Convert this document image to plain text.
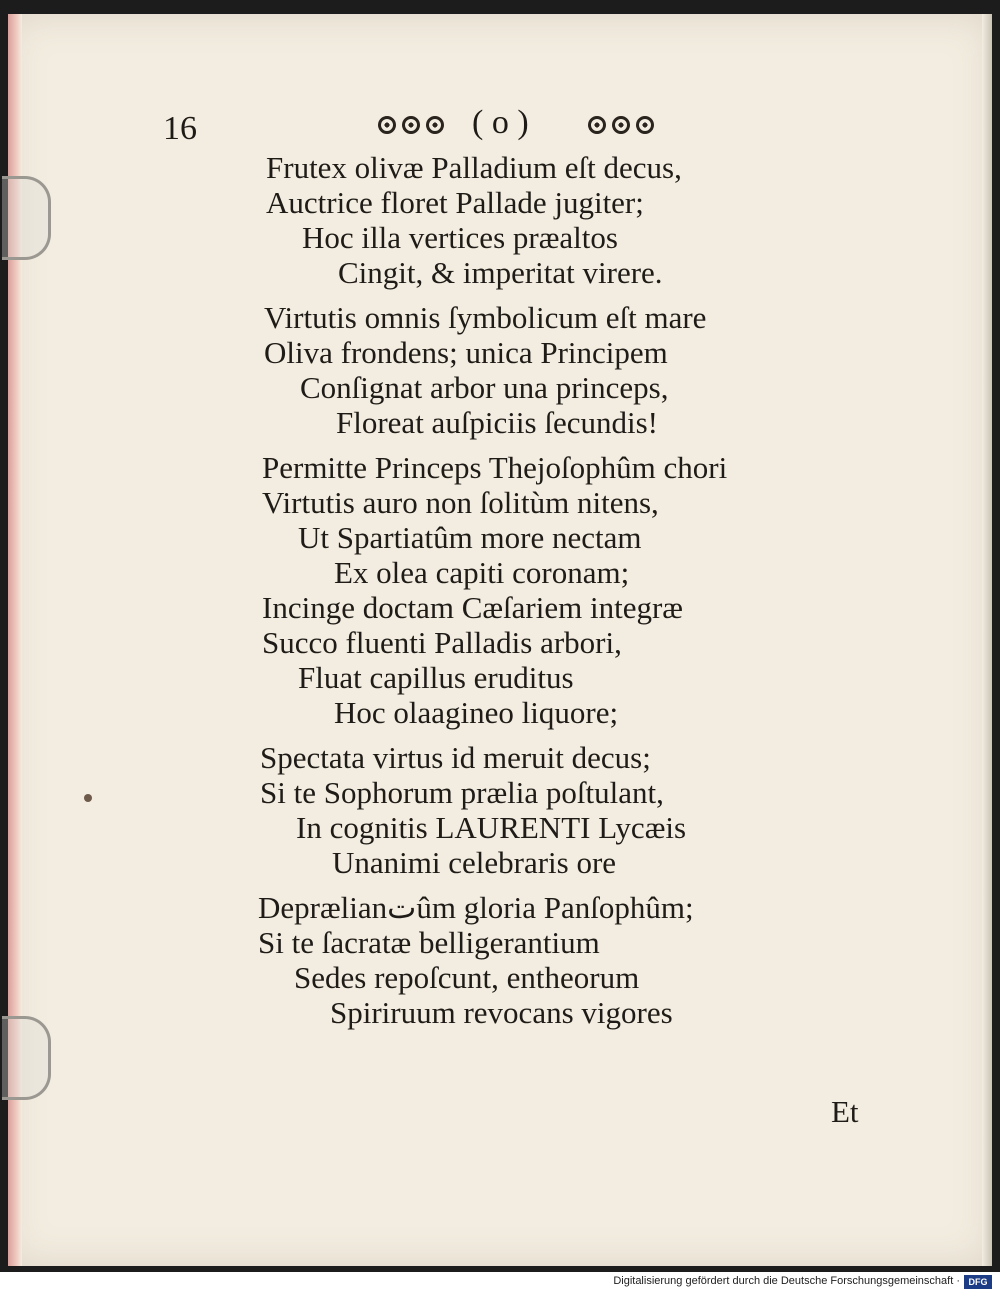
16	( o )
Frutex olivæ Palladium eſt decus,
Auctrice floret Pallade jugiter;
Hoc illa vertices præaltos
Cingit, & imperitat virere.
Virtutis omnis ſymbolicum eſt mare
Oliva frondens; unica Principem
Conſignat arbor una princeps,
Floreat auſpiciis ſecundis!
Permitte Princeps Thejoſophûm chori
Virtutis auro non ſolitùm nitens,
Ut Spartiatûm more nectam
Ex olea capiti coronam;
Incinge doctam Cæſariem integræ
Succo fluenti Palladis arbori,
Fluat capillus eruditus
Hoc olaagineo liquore;
Spectata virtus id meruit decus;
Si te Sophorum prælia poſtulant,
In cognitis LAURENTI Lycæis
Unanimi celebraris ore
Deprælianتûm gloria Panſophûm;
Si te ſacratæ belligerantium
Sedes repoſcunt, entheorum
Spiriruum revocans vigores
Et
Digitalisierung gefördert durch die Deutsche Forschungsgemeinschaft · DFG
